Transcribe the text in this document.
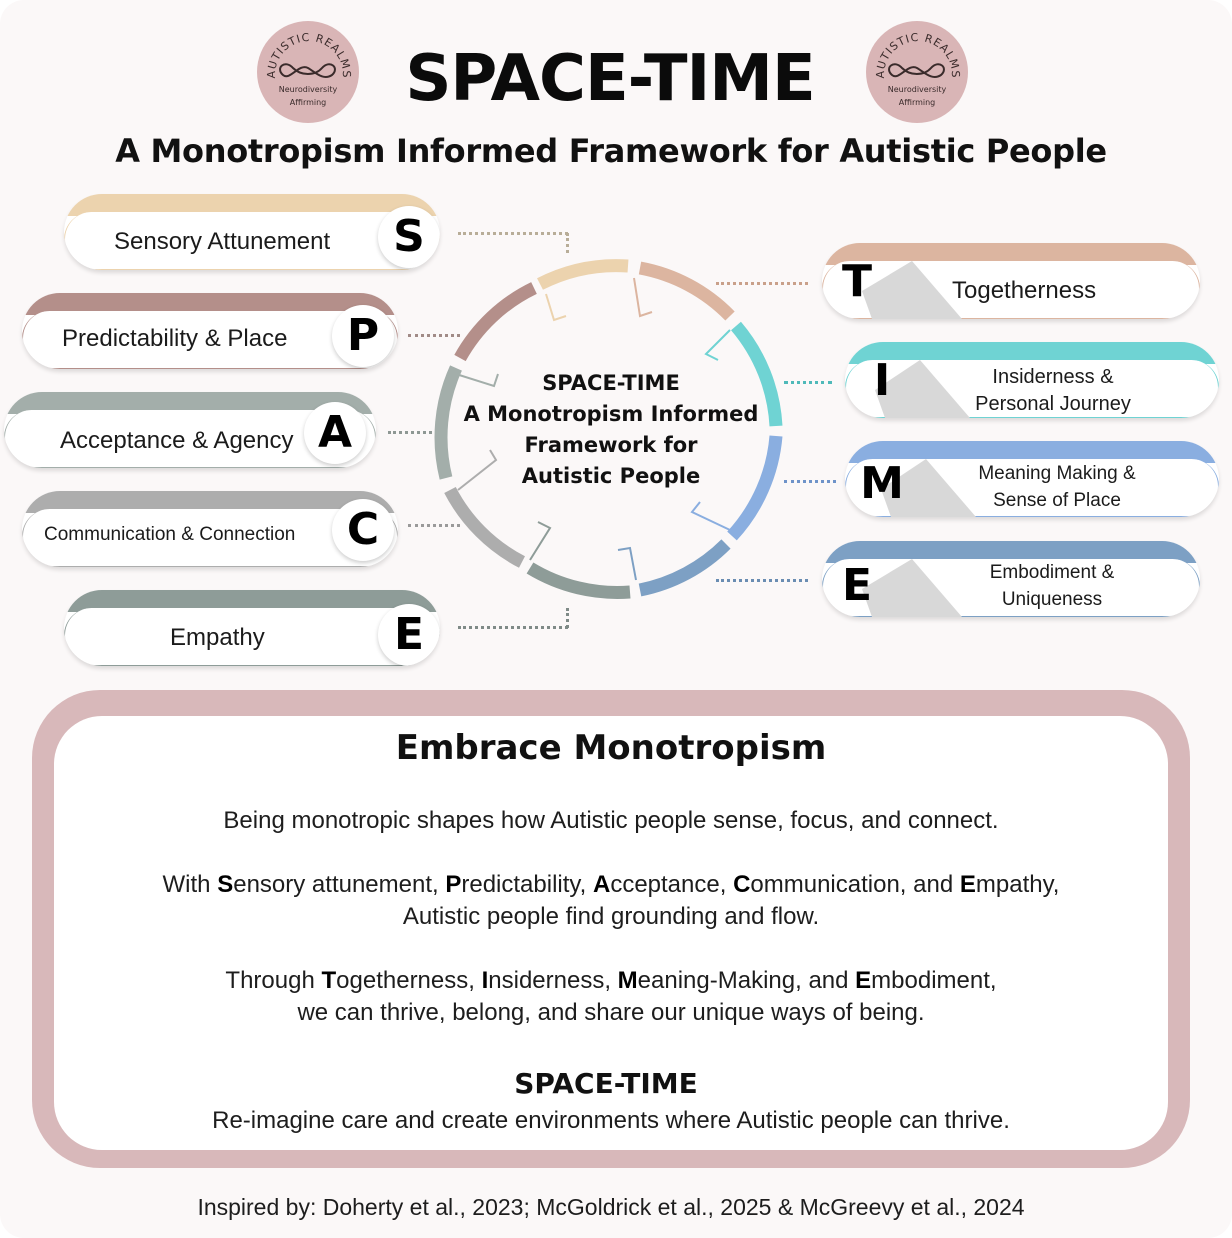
AUTISTIC REALMS
Neurodiversity
Affirming
AUTISTIC REALMS
Neurodiversity
Affirming
SPACE-TIME
A Monotropism Informed Framework for Autistic People
Sensory Attunement	S
Predictability & Place	P
Acceptance & Agency A
Communication & Connection	C
Empathy	E
T	Togetherness
I	Insiderness &
Personal Journey
M	Meaning Making &
Sense of Place
E	Embodiment &
Uniqueness
SPACE-TIME
A Monotropism Informed
Framework for
Autistic People
Embrace Monotropism
Being monotropic shapes how Autistic people sense, focus, and connect.
With Sensory attunement, Predictability, Acceptance, Communication, and Empathy,
Autistic people find grounding and flow.
Through Togetherness, Insiderness, Meaning-Making, and Embodiment,
we can thrive, belong, and share our unique ways of being.
SPACE-TIME
Re-imagine care and create environments where Autistic people can thrive.
Inspired by: Doherty et al., 2023; McGoldrick et al., 2025 & McGreevy et al., 2024
